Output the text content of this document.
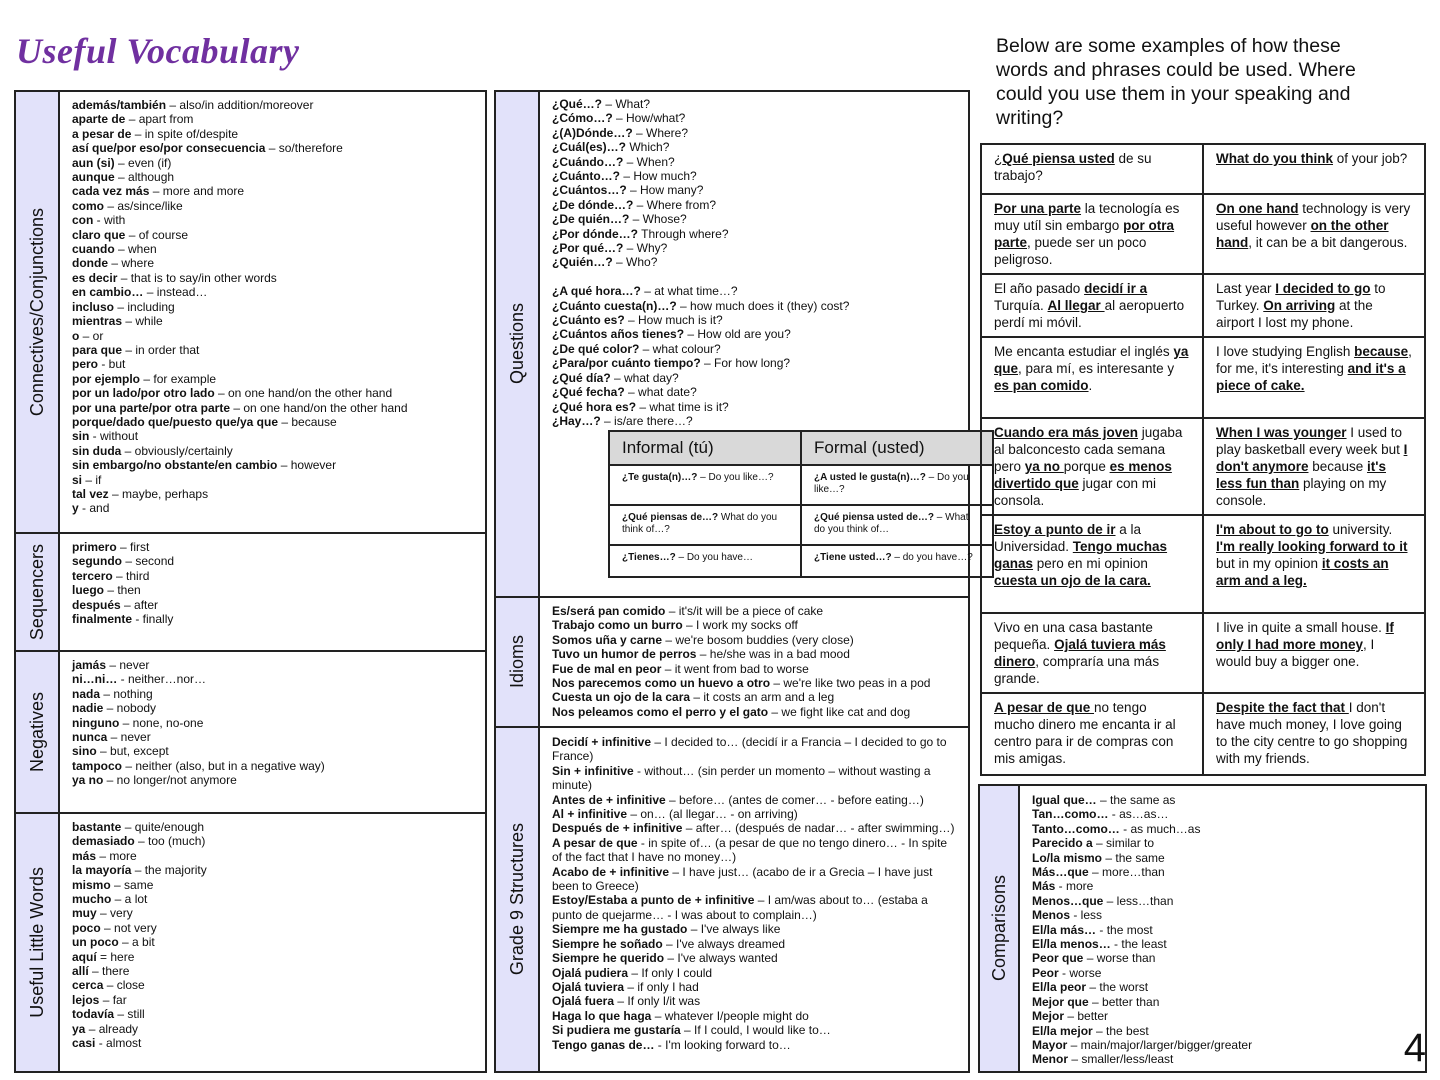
Useful Vocabulary
Connectives/Conjunctions
además/también – also/in addition/moreover
aparte de – apart from
a pesar de – in spite of/despite
así que/por eso/por consecuencia – so/therefore
aun (si) – even (if)
aunque – although
cada vez más – more and more
como – as/since/like
con - with
claro que – of course
cuando – when
donde – where
es decir – that is to say/in other words
en cambio… – instead…
incluso – including
mientras – while
o – or
para que – in order that
pero - but
por ejemplo – for example
por un lado/por otro lado – on one hand/on the other hand
por una parte/por otra parte – on one hand/on the other hand
porque/dado que/puesto que/ya que – because
sin - without
sin duda – obviously/certainly
sin embargo/no obstante/en cambio – however
si – if
tal vez – maybe, perhaps
y - and
Sequencers primero – first
segundo – second
tercero – third
luego – then
después – after
finalmente - finally
Negatives
jamás – never
ni…ni… - neither…nor…
nada – nothing
nadie – nobody
ninguno – none, no-one
nunca – never
sino – but, except
tampoco – neither (also, but in a negative way)
ya no – no longer/not anymore
Useful Little Words
bastante – quite/enough
demasiado – too (much)
más – more
la mayoría – the majority
mismo – same
mucho – a lot
muy – very
poco – not very
un poco – a bit
aquí = here
allí – there
cerca – close
lejos – far
todavía – still
ya – already
casi - almost
Questions
¿Qué…? – What?
¿Cómo…? – How/what?
¿(A)Dónde…? – Where?
¿Cuál(es)…? Which?
¿Cuándo…? – When?
¿Cuánto…? – How much?
¿Cuántos…? – How many?
¿De dónde…? – Where from?
¿De quién…? – Whose?
¿Por dónde…? Through where?
¿Por qué…? – Why?
¿Quién…? – Who?
¿A qué hora…? – at what time…?
¿Cuánto cuesta(n)…? – how much does it (they) cost?
¿Cuánto es? – How much is it?
¿Cuántos años tienes? – How old are you?
¿De qué color? – what colour?
¿Para/por cuánto tiempo? – For how long?
¿Qué día? – what day?
¿Qué fecha? – what date?
¿Qué hora es? – what time is it?
¿Hay…? – is/are there…?
Informal (tú)	Formal (usted)
¿Te gusta(n)…? – Do you like…?	¿A usted le gusta(n)…? – Do you like…?
¿Qué piensas de…? What do you think of…?	¿Qué piensa usted de…? – What do you think of…
¿Tienes…? – Do you have…	¿Tiene usted…? – do you have…?
Idioms
Es/será pan comido – it's/it will be a piece of cake
Trabajo como un burro – I work my socks off
Somos uña y carne – we're bosom buddies (very close)
Tuvo un humor de perros – he/she was in a bad mood
Fue de mal en peor – it went from bad to worse
Nos parecemos como un huevo a otro – we're like two peas in a pod
Cuesta un ojo de la cara – it costs an arm and a leg
Nos peleamos como el perro y el gato – we fight like cat and dog
Grade 9 Structures
Decidí + infinitive – I decided to… (decidí ir a Francia – I decided to go to France)
Sin + infinitive - without… (sin perder un momento – without wasting a minute)
Antes de + infinitive – before… (antes de comer… - before eating…)
Al + infinitive – on… (al llegar… - on arriving)
Después de + infinitive – after… (después de nadar… - after swimming…)
A pesar de que - in spite of… (a pesar de que no tengo dinero… - In spite of the fact that I have no money…)
Acabo de + infinitive – I have just… (acabo de ir a Grecia – I have just been to Greece)
Estoy/Estaba a punto de + infinitive – I am/was about to… (estaba a punto de quejarme… - I was about to complain…)
Siempre me ha gustado – I've always like
Siempre he soñado – I've always dreamed
Siempre he querido – I've always wanted
Ojalá pudiera – If only I could
Ojalá tuviera – if only I had
Ojalá fuera – If only I/it was
Haga lo que haga – whatever I/people might do
Si pudiera me gustaría – If I could, I would like to…
Tengo ganas de… - I'm looking forward to…
Below are some examples of how these words and phrases could be used. Where could you use them in your speaking and writing?
¿Qué piensa usted de su trabajo?	What do you think of your job?
Por una parte la tecnología es muy utíl sin embargo por otra parte, puede ser un poco peligroso.	On one hand technology is very useful however on the other hand, it can be a bit dangerous.
El año pasado decidí ir a Turquía. Al llegar al aeropuerto perdí mi móvil.	Last year I decided to go to Turkey. On arriving at the airport I lost my phone.
Me encanta estudiar el inglés ya que, para mí, es interesante y es pan comido.	I love studying English because, for me, it's interesting and it's a piece of cake.
Cuando era más joven jugaba al balconcesto cada semana pero ya no porque es menos divertido que jugar con mi consola.	When I was younger I used to play basketball every week but I don't anymore because it's less fun than playing on my console.
Estoy a punto de ir a la Universidad. Tengo muchas ganas pero en mi opinion cuesta un ojo de la cara.	I'm about to go to university. I'm really looking forward to it but in my opinion it costs an arm and a leg.
Vivo en una casa bastante pequeña. Ojalá tuviera más dinero, compraría una más grande.	I live in quite a small house. If only I had more money, I would buy a bigger one.
A pesar de que no tengo mucho dinero me encanta ir al centro para ir de compras con mis amigas.	Despite the fact that I don't have much money, I love going to the city centre to go shopping with my friends.
Comparisons
Igual que… – the same as
Tan…como… - as…as…
Tanto…como… - as much…as
Parecido a – similar to
Lo/la mismo – the same
Más…que – more…than
Más - more
Menos…que – less…than
Menos - less
El/la más… - the most
El/la menos… - the least
Peor que – worse than
Peor - worse
El/la peor – the worst
Mejor que – better than
Mejor – better
El/la mejor – the best
Mayor – main/major/larger/bigger/greater
Menor – smaller/less/least	4
